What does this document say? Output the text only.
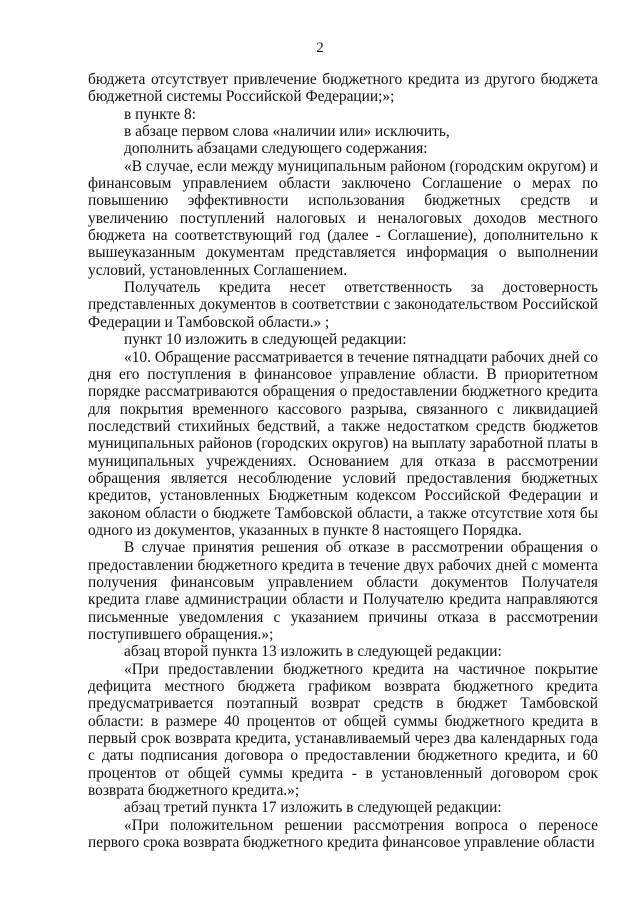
2

бюджета отсутствует привлечение бюджетного кредита из другого бюджета бюджетной системы Российской Федерации;»;

в пункте 8:

в абзаце первом слова «наличии или» исключить,

дополнить абзацами следующего содержания:

«В случае, если между муниципальным районом (городским округом) и финансовым управлением области заключено Соглашение о мерах по повышению эффективности использования бюджетных средств и увеличению поступлений налоговых и неналоговых доходов местного бюджета на соответствующий год (далее - Соглашение), дополнительно к вышеуказанным документам представляется информация о выполнении условий, установленных Соглашением.

Получатель кредита несет ответственность за достоверность представленных документов в соответствии с законодательством Российской Федерации и Тамбовской области.» ;

пункт 10 изложить в следующей редакции:

«10. Обращение рассматривается в течение пятнадцати рабочих дней со дня его поступления в финансовое управление области. В приоритетном порядке рассматриваются обращения о предоставлении бюджетного кредита для покрытия временного кассового разрыва, связанного с ликвидацией последствий стихийных бедствий, а также недостатком средств бюджетов муниципальных районов (городских округов) на выплату заработной платы в муниципальных учреждениях. Основанием для отказа в рассмотрении обращения является несоблюдение условий предоставления бюджетных кредитов, установленных Бюджетным кодексом Российской Федерации и законом области о бюджете Тамбовской области, а также отсутствие хотя бы одного из документов, указанных в пункте 8 настоящего Порядка.

В случае принятия решения об отказе в рассмотрении обращения о предоставлении бюджетного кредита в течение двух рабочих дней с момента получения финансовым управлением области документов Получателя кредита главе администрации области и Получателю кредита направляются письменные уведомления с указанием причины отказа в рассмотрении поступившего обращения.»;

абзац второй пункта 13 изложить в следующей редакции:

«При предоставлении бюджетного кредита на частичное покрытие дефицита местного бюджета графиком возврата бюджетного кредита предусматривается поэтапный возврат средств в бюджет Тамбовской области: в размере 40 процентов от общей суммы бюджетного кредита в первый срок возврата кредита, устанавливаемый через два календарных года с даты подписания договора о предоставлении бюджетного кредита, и 60 процентов от общей суммы кредита - в установленный договором срок возврата бюджетного кредита.»;

абзац третий пункта 17 изложить в следующей редакции:

«При положительном решении рассмотрения вопроса о переносе первого срока возврата бюджетного кредита финансовое управление области
